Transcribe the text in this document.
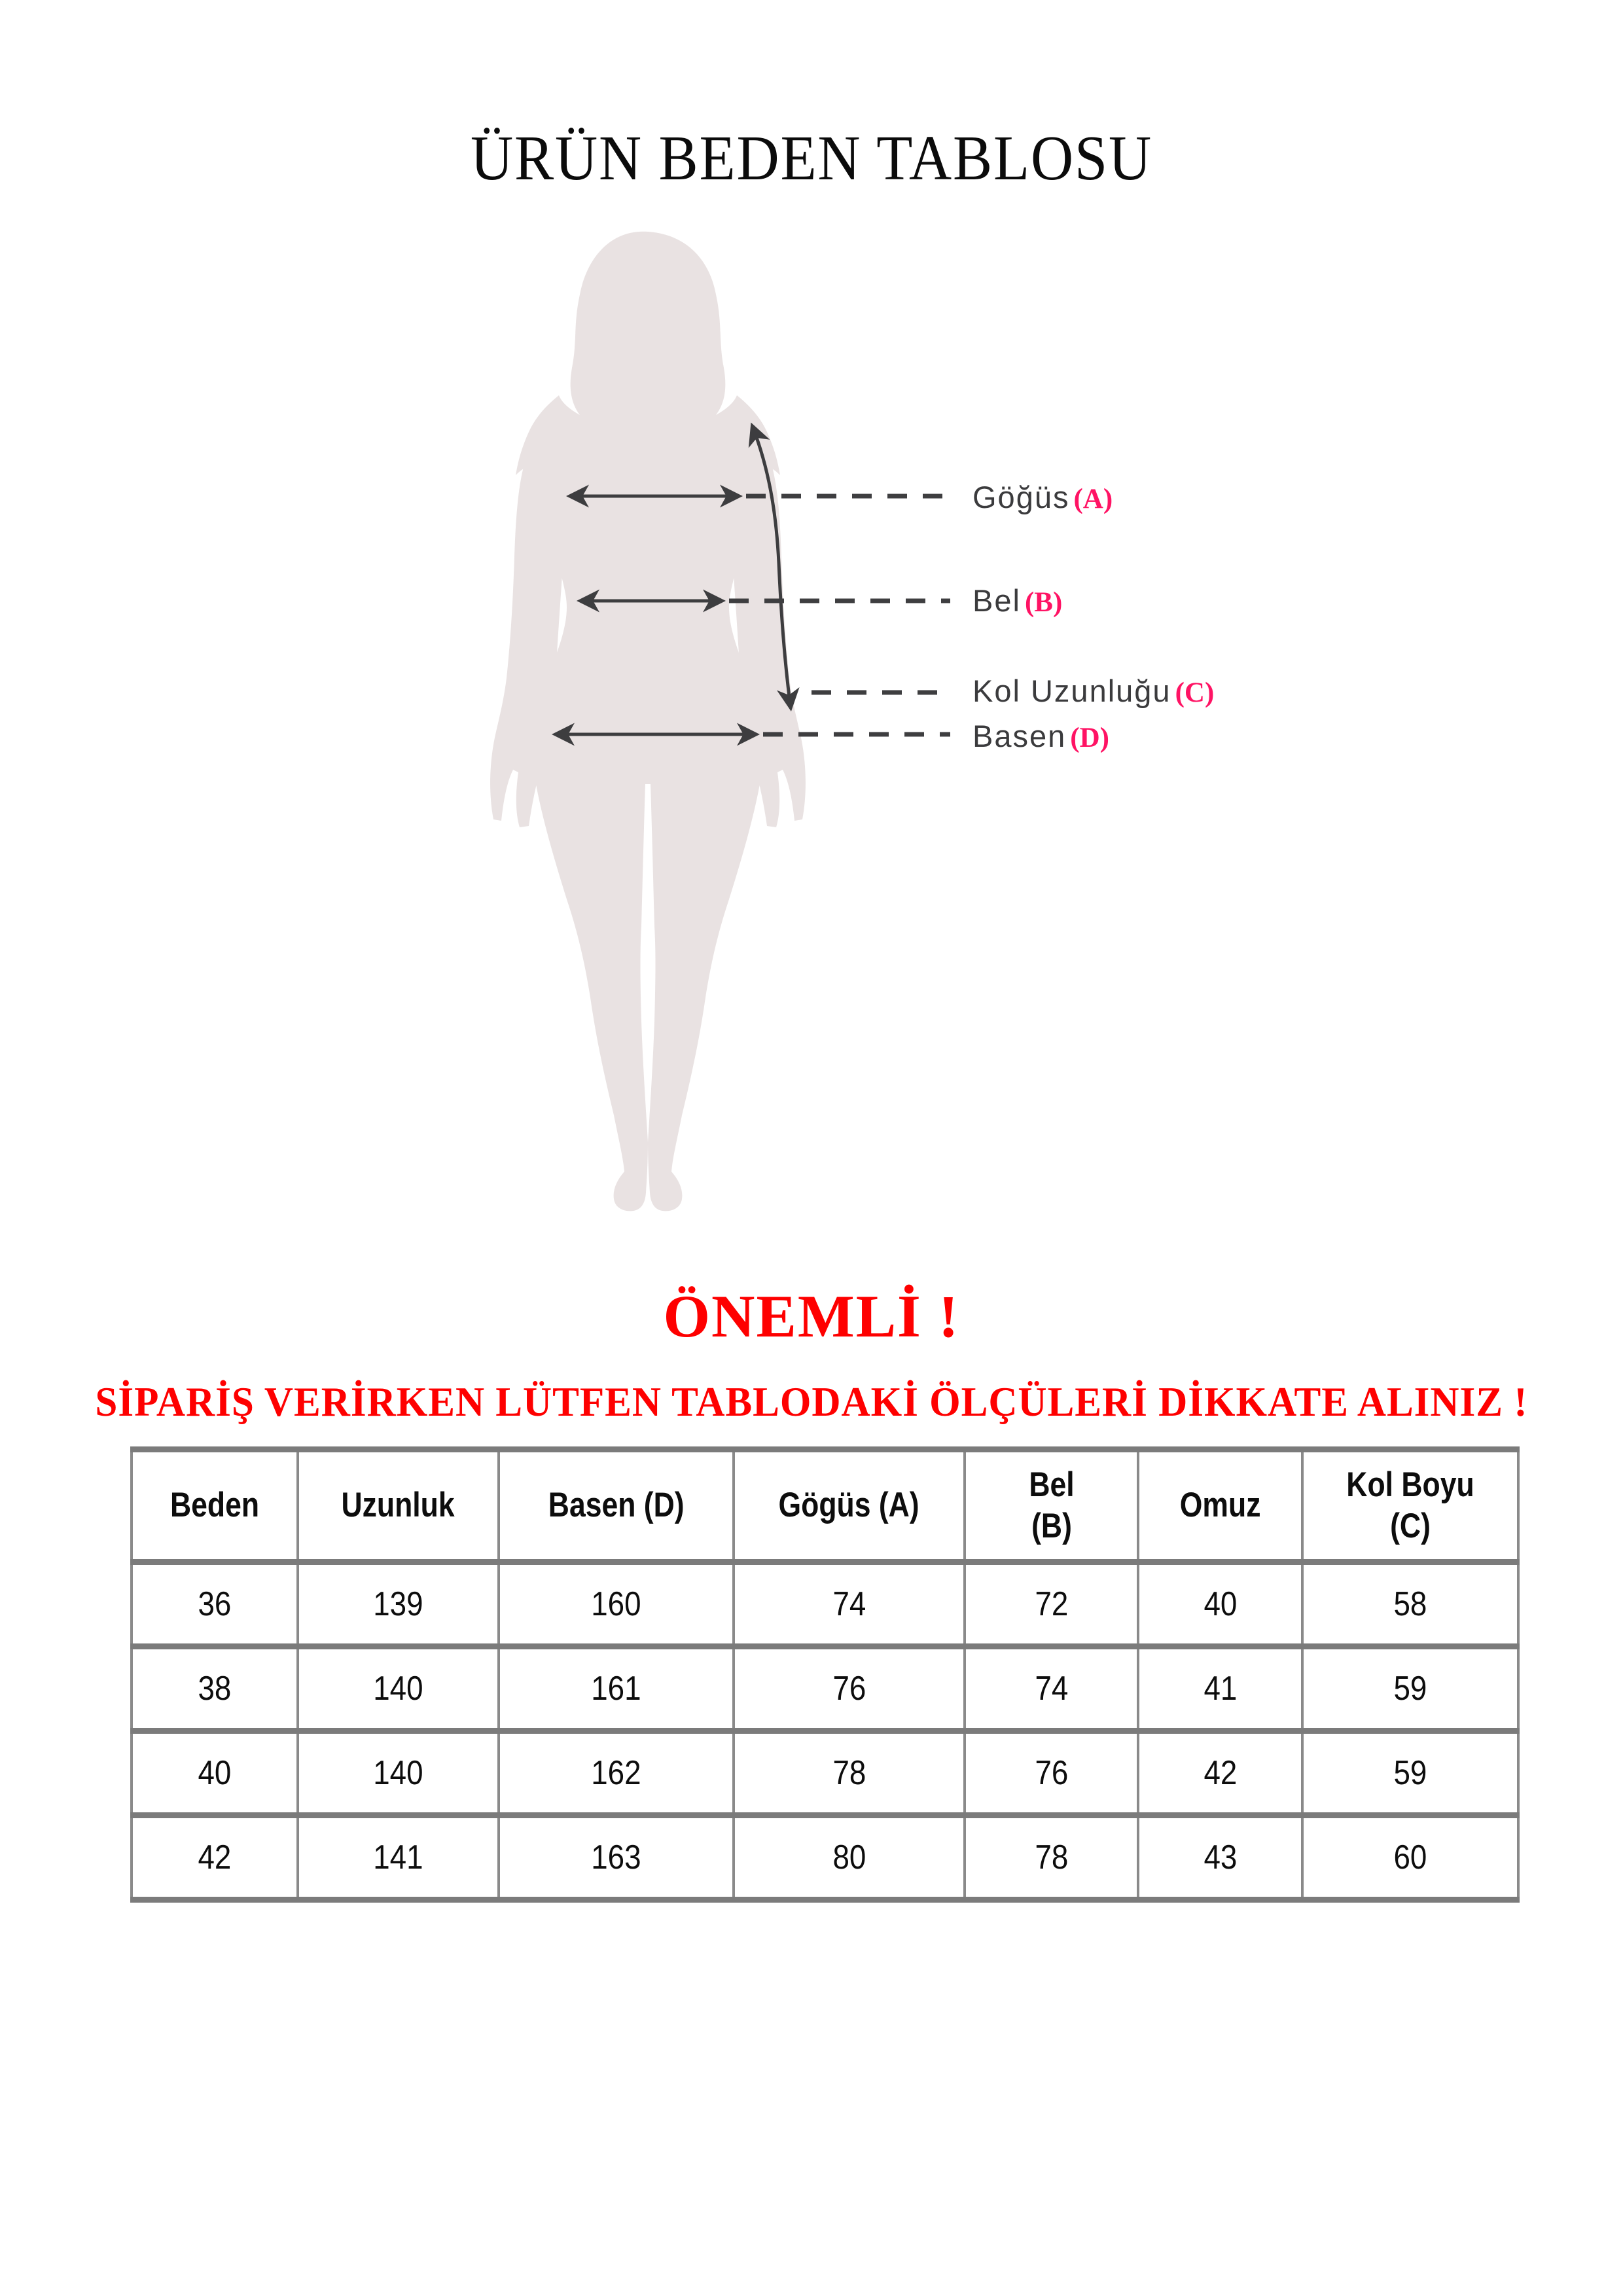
ÜRÜN BEDEN TABLOSU
Göğüs (A)
Bel (B)
Kol Uzunluğu (C)
Basen (D)
ÖNEMLİ !
SİPARİŞ VERİRKEN LÜTFEN TABLODAKİ ÖLÇÜLERİ DİKKATE ALINIZ !
Beden	Uzunluk	Basen (D)	Gögüs (A)	Bel (B)	Omuz	Kol Boyu (C)
36	139	160	74	72	40	58
38	140	161	76	74	41	59
40	140	162	78	76	42	59
42	141	163	80	78	43	60
